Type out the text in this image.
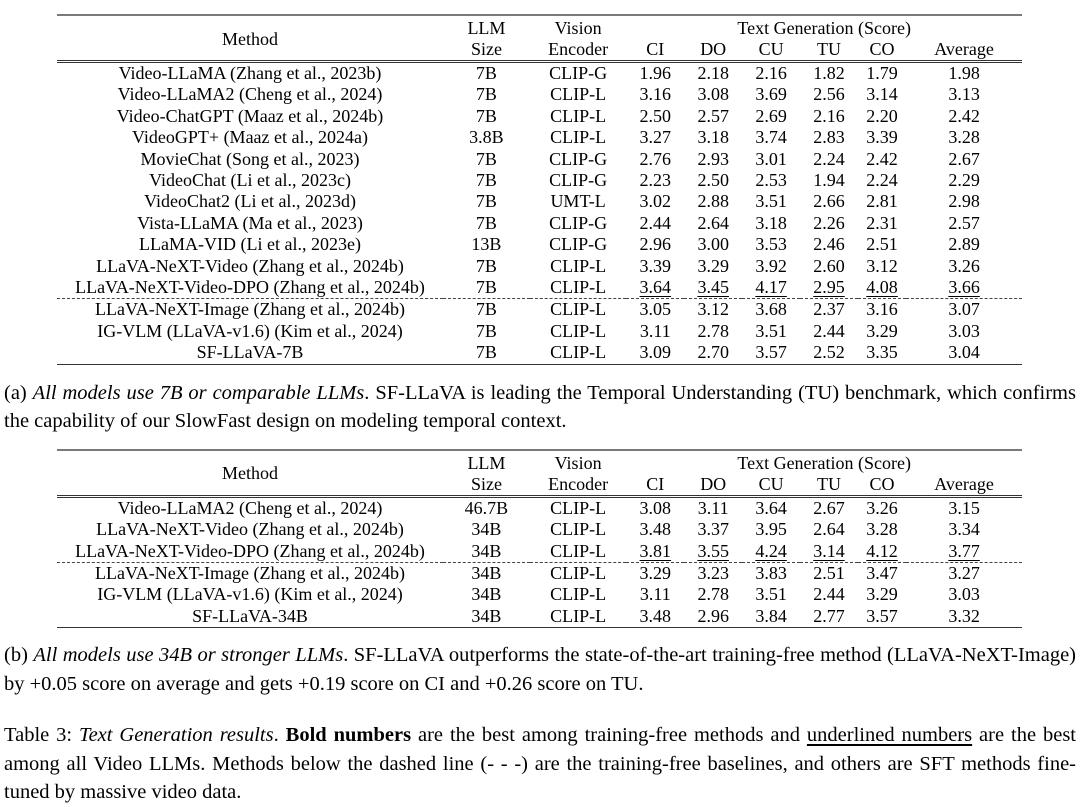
Method	LLM	Vision	Text Generation (Score)					
	Size	Encoder	CI	DO	CU	TU	CO	Average
Video-LLaMA (Zhang et al., 2023b)	7B	CLIP-G	1.96	2.18	2.16	1.82	1.79	1.98
Video-LLaMA2 (Cheng et al., 2024)	7B	CLIP-L	3.16	3.08	3.69	2.56	3.14	3.13
Video-ChatGPT (Maaz et al., 2024b)	7B	CLIP-L	2.50	2.57	2.69	2.16	2.20	2.42
VideoGPT+ (Maaz et al., 2024a)	3.8B	CLIP-L	3.27	3.18	3.74	2.83	3.39	3.28
MovieChat (Song et al., 2023)	7B	CLIP-G	2.76	2.93	3.01	2.24	2.42	2.67
VideoChat (Li et al., 2023c)	7B	CLIP-G	2.23	2.50	2.53	1.94	2.24	2.29
VideoChat2 (Li et al., 2023d)	7B	UMT-L	3.02	2.88	3.51	2.66	2.81	2.98
Vista-LLaMA (Ma et al., 2023)	7B	CLIP-G	2.44	2.64	3.18	2.26	2.31	2.57
LLaMA-VID (Li et al., 2023e)	13B	CLIP-G	2.96	3.00	3.53	2.46	2.51	2.89
LLaVA-NeXT-Video (Zhang et al., 2024b)	7B	CLIP-L	3.39	3.29	3.92	2.60	3.12	3.26
LLaVA-NeXT-Video-DPO (Zhang et al., 2024b)	7B	CLIP-L	3.64	3.45	4.17	2.95	4.08	3.66
LLaVA-NeXT-Image (Zhang et al., 2024b)	7B	CLIP-L	3.05	3.12	3.68	2.37	3.16	3.07
IG-VLM (LLaVA-v1.6) (Kim et al., 2024)	7B	CLIP-L	3.11	2.78	3.51	2.44	3.29	3.03
SF-LLaVA-7B	7B	CLIP-L	3.09	2.70	3.57	2.52	3.35	3.04
(a) All models use 7B or comparable LLMs. SF-LLaVA is leading the Temporal Understanding (TU) benchmark, which confirms the capability of our SlowFast design on modeling temporal context.
Method	LLM	Vision	Text Generation (Score)					
	Size	Encoder	CI	DO	CU	TU	CO	Average
Video-LLaMA2 (Cheng et al., 2024)	46.7B	CLIP-L	3.08	3.11	3.64	2.67	3.26	3.15
LLaVA-NeXT-Video (Zhang et al., 2024b)	34B	CLIP-L	3.48	3.37	3.95	2.64	3.28	3.34
LLaVA-NeXT-Video-DPO (Zhang et al., 2024b)	34B	CLIP-L	3.81	3.55	4.24	3.14	4.12	3.77
LLaVA-NeXT-Image (Zhang et al., 2024b)	34B	CLIP-L	3.29	3.23	3.83	2.51	3.47	3.27
IG-VLM (LLaVA-v1.6) (Kim et al., 2024)	34B	CLIP-L	3.11	2.78	3.51	2.44	3.29	3.03
SF-LLaVA-34B	34B	CLIP-L	3.48	2.96	3.84	2.77	3.57	3.32
(b) All models use 34B or stronger LLMs. SF-LLaVA outperforms the state-of-the-art training-free method (LLaVA-NeXT-Image) by +0.05 score on average and gets +0.19 score on CI and +0.26 score on TU.
Table 3: Text Generation results. Bold numbers are the best among training-free methods and underlined numbers are the best among all Video LLMs. Methods below the dashed line (- - -) are the training-free baselines, and others are SFT methods fine-tuned by massive video data.
